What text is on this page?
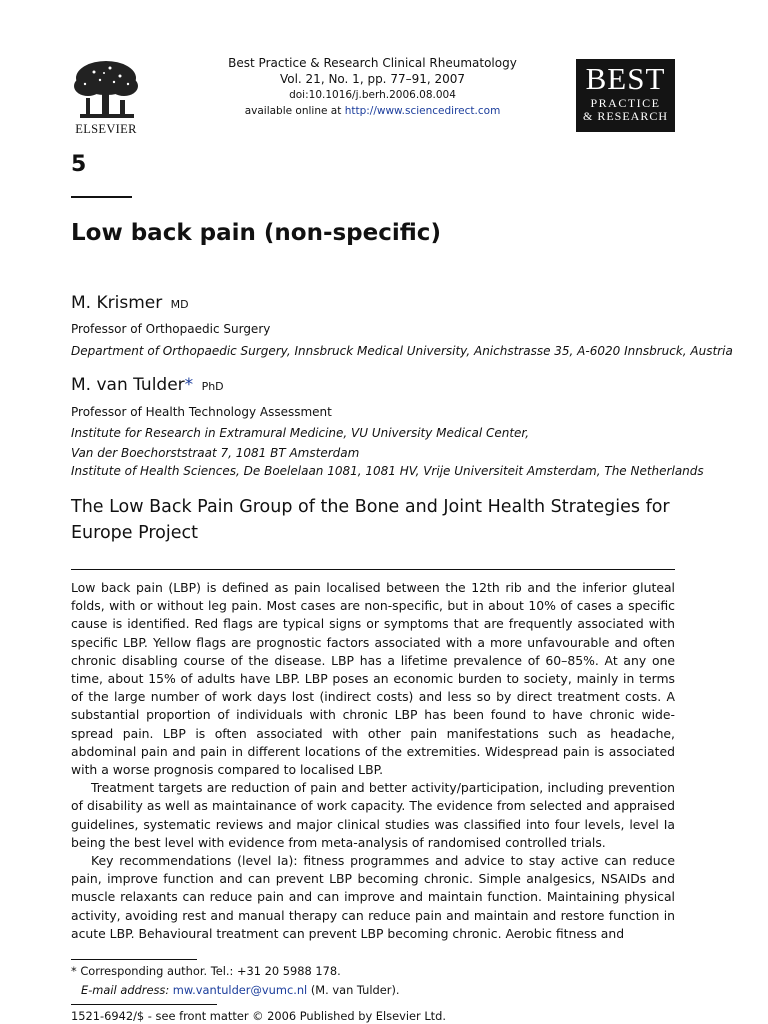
ELSEVIER
Best Practice & Research Clinical Rheumatology
Vol. 21, No. 1, pp. 77–91, 2007
doi:10.1016/j.berh.2006.08.004
available online at http://www.sciencedirect.com
BEST
PRACTICE
& RESEARCH
5
Low back pain (non-specific)
M. Krismer MD
Professor of Orthopaedic Surgery
Department of Orthopaedic Surgery, Innsbruck Medical University, Anichstrasse 35, A-6020 Innsbruck, Austria
M. van Tulder* PhD
Professor of Health Technology Assessment
Institute for Research in Extramural Medicine, VU University Medical Center,
Van der Boechorststraat 7, 1081 BT Amsterdam
Institute of Health Sciences, De Boelelaan 1081, 1081 HV, Vrije Universiteit Amsterdam, The Netherlands
The Low Back Pain Group of the Bone and Joint Health Strategies for Europe Project

Low back pain (LBP) is defined as pain localised between the 12th rib and the inferior gluteal folds, with or without leg pain. Most cases are non-specific, but in about 10% of cases a specific cause is identified. Red flags are typical signs or symptoms that are frequently associated with specific LBP. Yellow flags are prognostic factors associated with a more unfavourable and often chronic disabling course of the disease. LBP has a lifetime prevalence of 60–85%. At any one time, about 15% of adults have LBP. LBP poses an economic burden to society, mainly in terms of the large number of work days lost (indirect costs) and less so by direct treatment costs. A substantial proportion of individuals with chronic LBP has been found to have chronic wide-spread pain. LBP is often associated with other pain manifestations such as headache, abdominal pain and pain in different locations of the extremities. Widespread pain is associated with a worse prognosis compared to localised LBP.

Treatment targets are reduction of pain and better activity/participation, including prevention of disability as well as maintainance of work capacity. The evidence from selected and appraised guidelines, systematic reviews and major clinical studies was classified into four levels, level Ia being the best level with evidence from meta-analysis of randomised controlled trials.

Key recommendations (level Ia): fitness programmes and advice to stay active can reduce pain, improve function and can prevent LBP becoming chronic. Simple analgesics, NSAIDs and muscle relaxants can reduce pain and can improve and maintain function. Maintaining physical activity, avoiding rest and manual therapy can reduce pain and maintain and restore function in acute LBP. Behavioural treatment can prevent LBP becoming chronic. Aerobic fitness and

* Corresponding author. Tel.: +31 20 5988 178.
E-mail address: mw.vantulder@vumc.nl (M. van Tulder).
1521-6942/$ - see front matter © 2006 Published by Elsevier Ltd.
